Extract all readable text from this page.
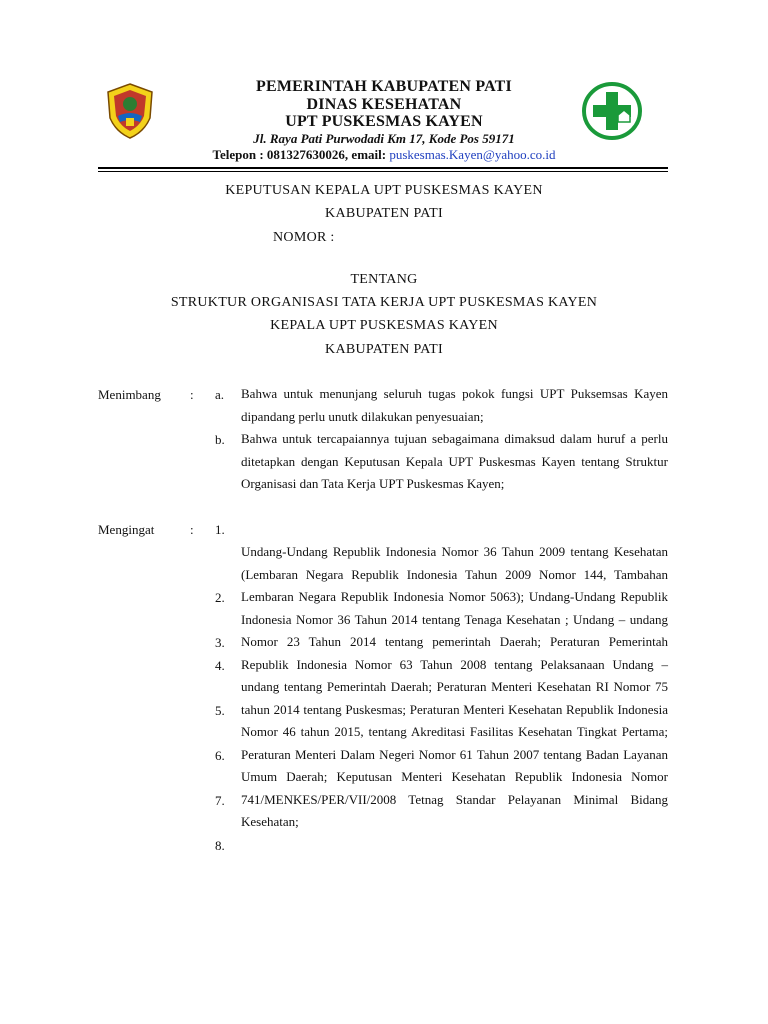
PEMERINTAH KABUPATEN PATI
DINAS KESEHATAN
UPT PUSKESMAS KAYEN
Jl. Raya Pati Purwodadi Km 17, Kode Pos 59171
Telepon : 081327630026, email: puskesmas.Kayen@yahoo.co.id
KEPUTUSAN KEPALA UPT PUSKESMAS KAYEN
KABUPATEN PATI
NOMOR :
TENTANG
STRUKTUR ORGANISASI TATA KERJA UPT PUSKESMAS KAYEN
KEPALA UPT PUSKESMAS KAYEN
KABUPATEN PATI
Menimbang : a. Bahwa untuk menunjang seluruh tugas pokok fungsi UPT Puksemsas Kayen dipandang perlu unutk dilakukan penyesuaian;

b. Bahwa untuk tercapaiannya tujuan sebagaimana dimaksud dalam huruf a perlu ditetapkan dengan Keputusan Kepala UPT Puskesmas Kayen tentang Struktur Organisasi dan Tata Kerja UPT Puskesmas Kayen;

Mengingat	: 1.
2.
3.
4.
5.
6.
7.
8.

Undang-Undang Republik Indonesia Nomor 36 Tahun 2009 tentang Kesehatan (Lembaran Negara Republik Indonesia Tahun 2009 Nomor 144, Tambahan Lembaran Negara Republik Indonesia Nomor 5063); Undang-Undang Republik Indonesia Nomor 36 Tahun 2014 tentang Tenaga Kesehatan ; Undang – undang Nomor 23 Tahun 2014 tentang pemerintah Daerah; Peraturan Pemerintah Republik Indonesia Nomor 63 Tahun 2008 tentang Pelaksanaan Undang – undang tentang Pemerintah Daerah; Peraturan Menteri Kesehatan RI Nomor 75 tahun 2014 tentang Puskesmas; Peraturan Menteri Kesehatan Republik Indonesia Nomor 46 tahun 2015, tentang Akreditasi Fasilitas Kesehatan Tingkat Pertama; Peraturan Menteri Dalam Negeri Nomor 61 Tahun 2007 tentang Badan Layanan Umum Daerah; Keputusan Menteri Kesehatan Republik Indonesia Nomor 741/MENKES/PER/VII/2008 Tetnag Standar Pelayanan Minimal Bidang Kesehatan;
